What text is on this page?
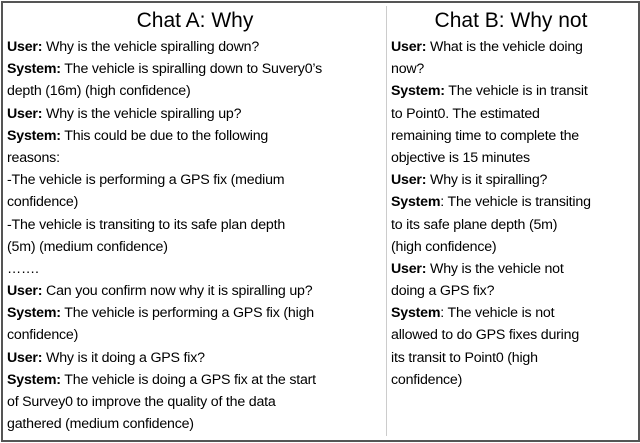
Chat A: Why
User: Why is the vehicle spiralling down?
System: The vehicle is spiralling down to Suvery0’s
depth (16m) (high confidence)
User: Why is the vehicle spiralling up?
System: This could be due to the following
reasons:
-The vehicle is performing a GPS fix (medium
confidence)
-The vehicle is transiting to its safe plan depth
(5m) (medium confidence)
…….
User: Can you confirm now why it is spiralling up?
System: The vehicle is performing a GPS fix (high
confidence)
User: Why is it doing a GPS fix?
System: The vehicle is doing a GPS fix at the start
of Survey0 to improve the quality of the data
gathered (medium confidence)
Chat B: Why not
User: What is the vehicle doing
now?
System: The vehicle is in transit
to Point0. The estimated
remaining time to complete the
objective is 15 minutes
User: Why is it spiralling?
System: The vehicle is transiting
to its safe plane depth (5m)
(high confidence)
User: Why is the vehicle not
doing a GPS fix?
System: The vehicle is not
allowed to do GPS fixes during
its transit to Point0 (high
confidence)
